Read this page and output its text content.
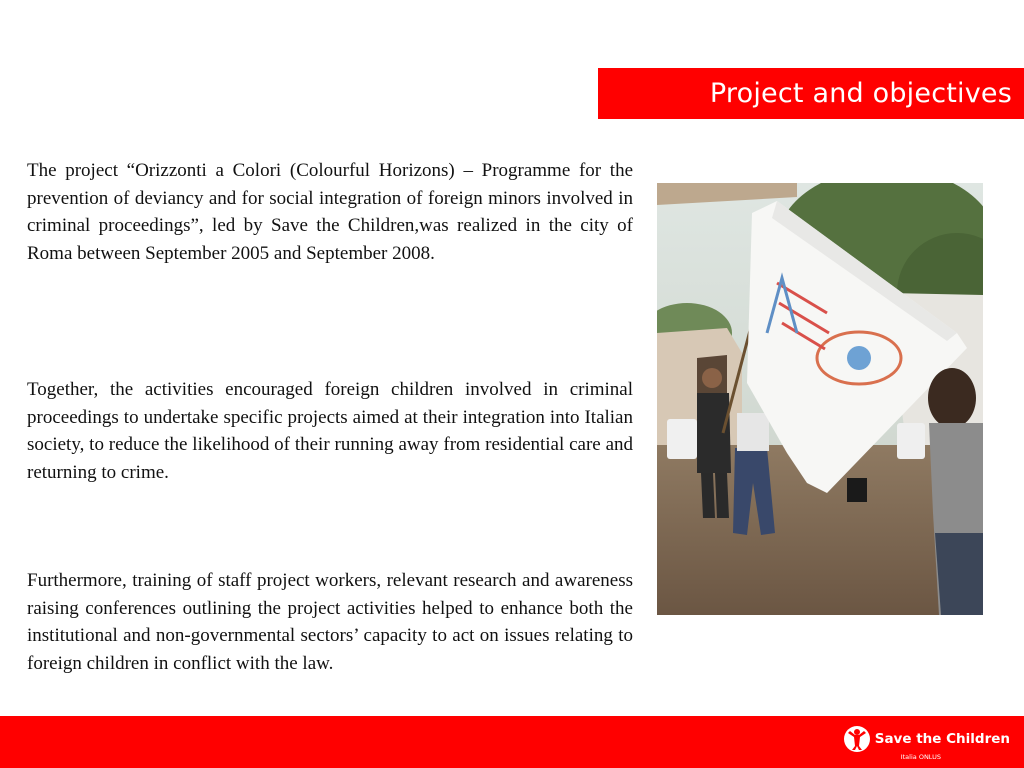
Project and objectives

The project “Orizzonti a Colori (Colourful Horizons) – Programme for the prevention of deviancy and for social integration of foreign minors involved in criminal proceedings”, led by Save the Children,was realized in the city of Roma between September 2005 and September 2008.

Together, the activities encouraged foreign children involved in criminal proceedings to undertake specific projects aimed at their integration into Italian society, to reduce the likelihood of their running away from residential care and returning to crime.

Furthermore, training of staff project workers, relevant research and awareness raising conferences outlining the project activities helped to enhance both the institutional and non-governmental sectors’ capacity to act on issues relating to foreign children in conflict with the law.

Save the Children
Italia ONLUS
